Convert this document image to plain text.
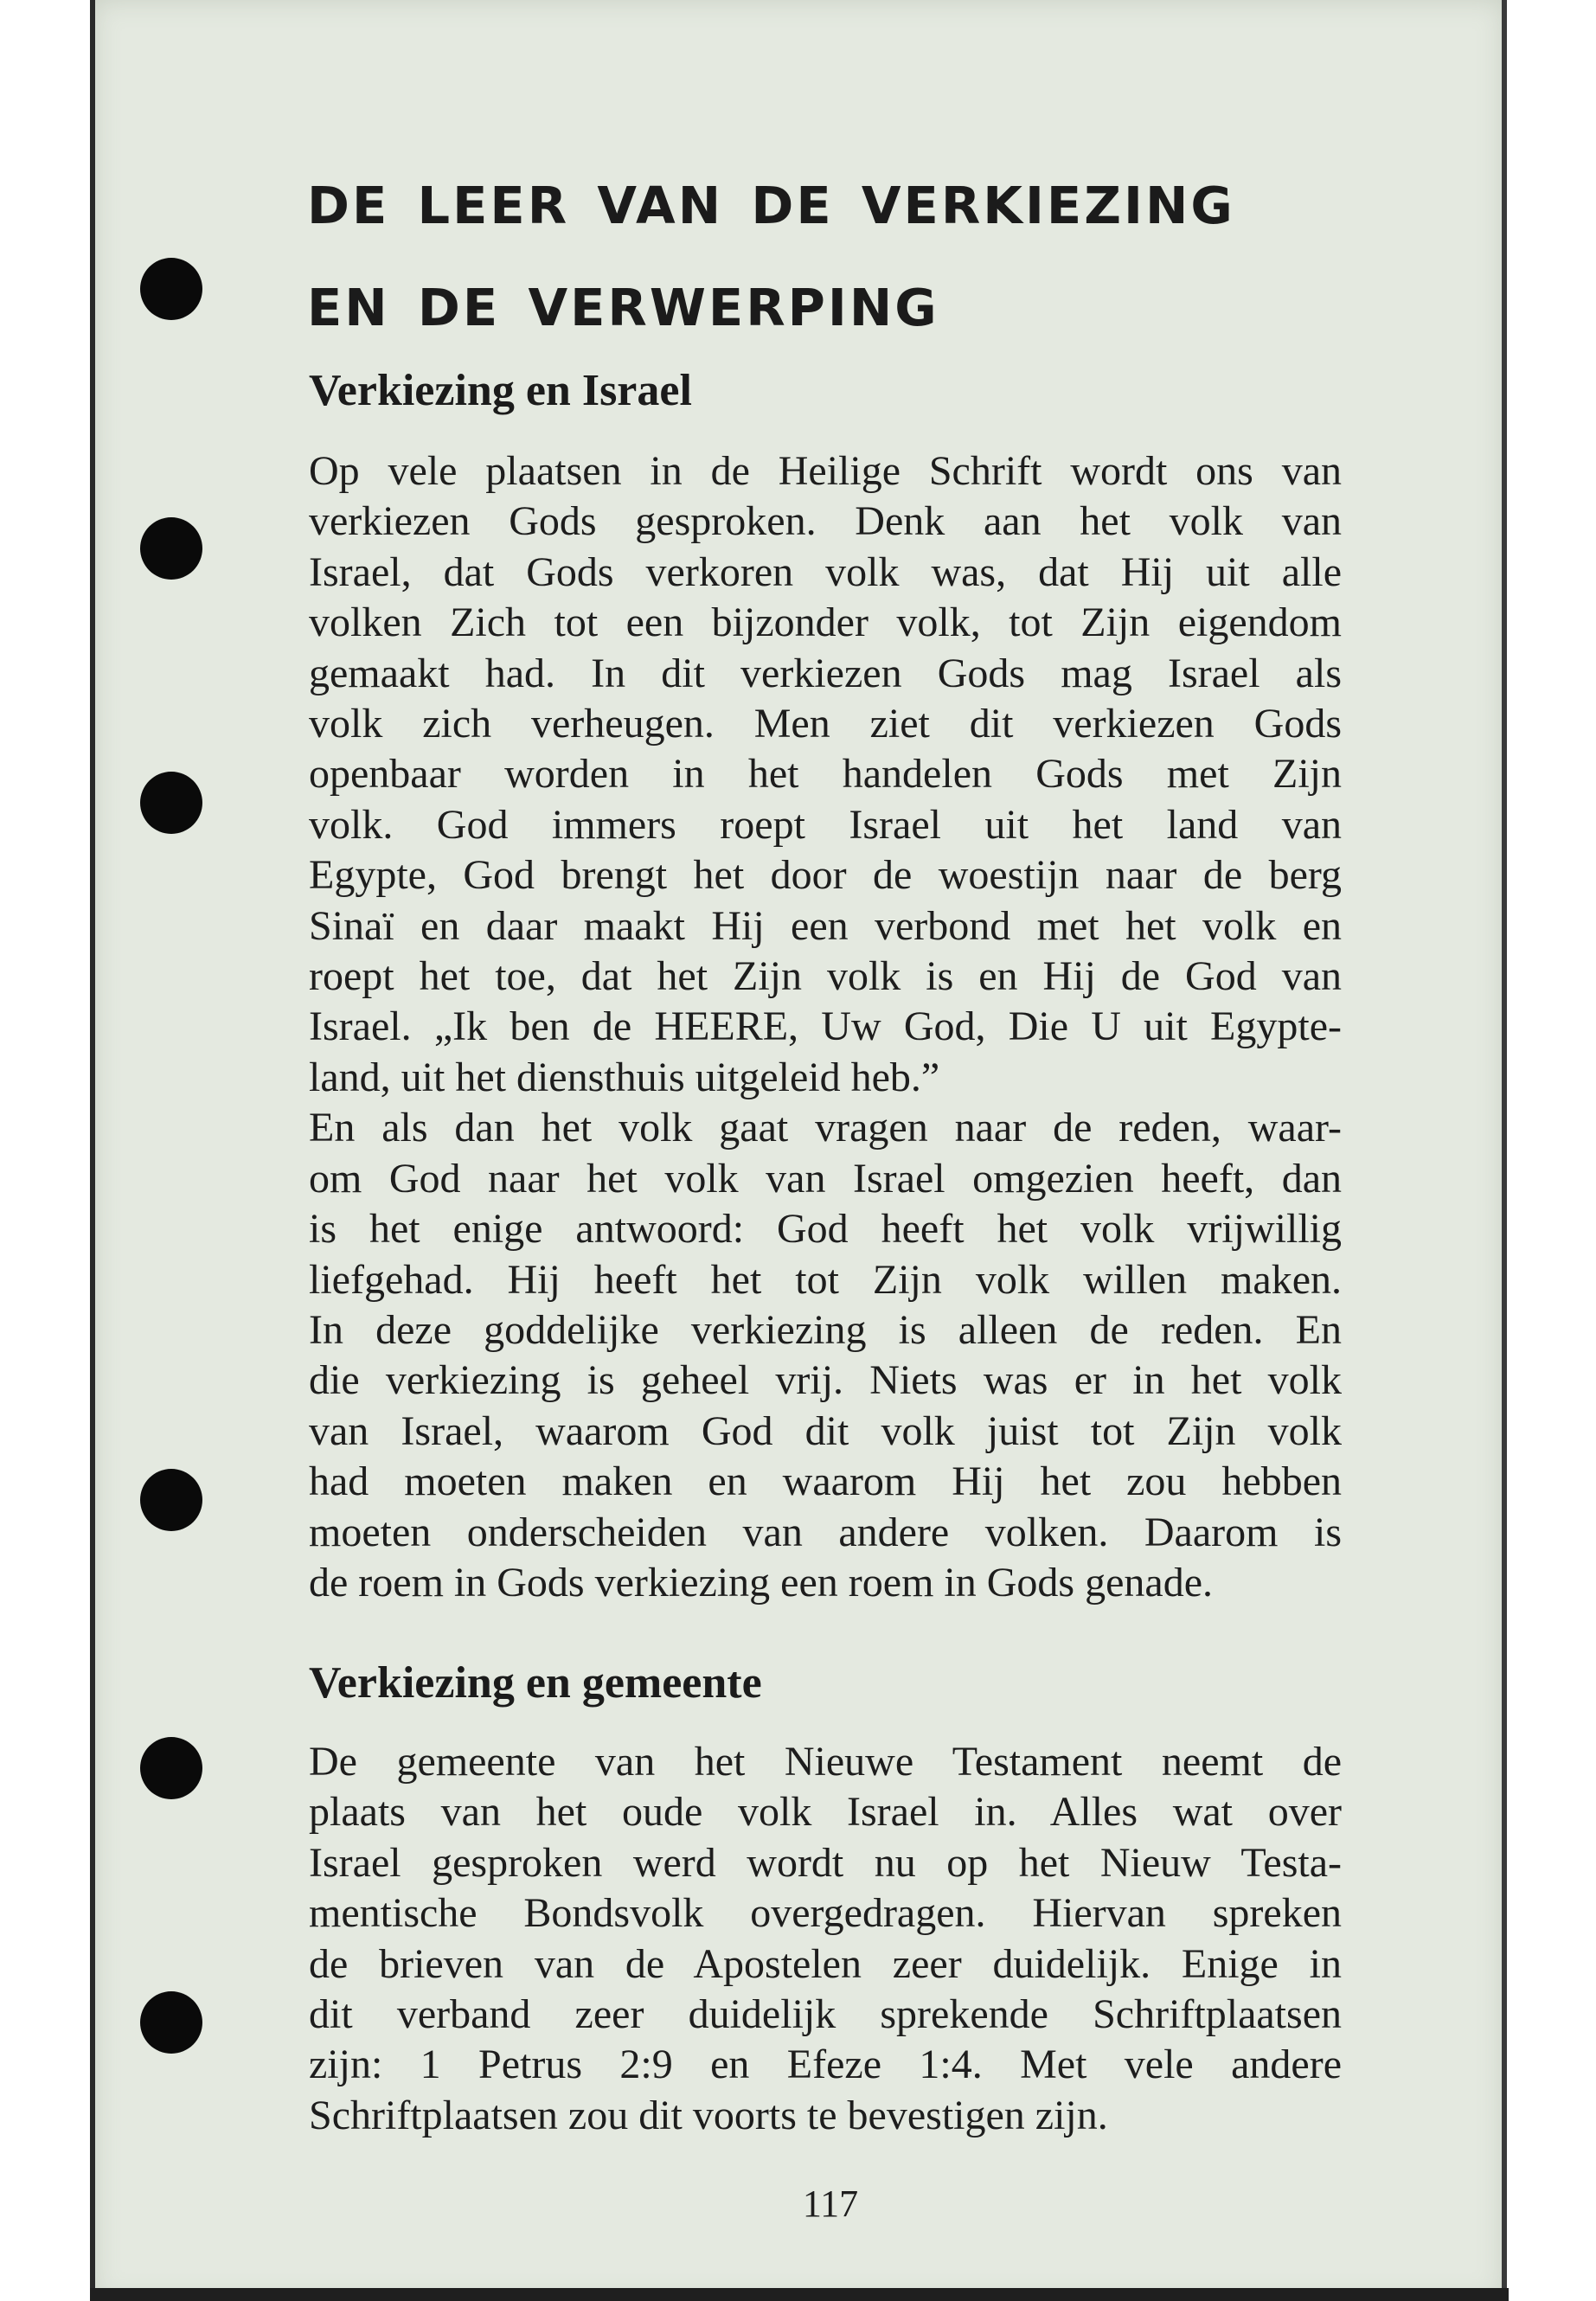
de leer van de verkiezing
en de verwerping
Verkiezing en Israel
Op vele plaatsen in de Heilige Schrift wordt ons van
verkiezen Gods gesproken. Denk aan het volk van
Israel, dat Gods verkoren volk was, dat Hij uit alle
volken Zich tot een bijzonder volk, tot Zijn eigendom
gemaakt had. In dit verkiezen Gods mag Israel als
volk zich verheugen. Men ziet dit verkiezen Gods
openbaar worden in het handelen Gods met Zijn
volk. God immers roept Israel uit het land van
Egypte, God brengt het door de woestijn naar de berg
Sinaï en daar maakt Hij een verbond met het volk en
roept het toe, dat het Zijn volk is en Hij de God van
Israel. „Ik ben de HEERE, Uw God, Die U uit Egypte-
land, uit het diensthuis uitgeleid heb.”
En als dan het volk gaat vragen naar de reden, waar-
om God naar het volk van Israel omgezien heeft, dan
is het enige antwoord: God heeft het volk vrijwillig
liefgehad. Hij heeft het tot Zijn volk willen maken.
In deze goddelijke verkiezing is alleen de reden. En
die verkiezing is geheel vrij. Niets was er in het volk
van Israel, waarom God dit volk juist tot Zijn volk
had moeten maken en waarom Hij het zou hebben
moeten onderscheiden van andere volken. Daarom is
de roem in Gods verkiezing een roem in Gods genade.
Verkiezing en gemeente
De gemeente van het Nieuwe Testament neemt de
plaats van het oude volk Israel in. Alles wat over
Israel gesproken werd wordt nu op het Nieuw Testa-
mentische Bondsvolk overgedragen. Hiervan spreken
de brieven van de Apostelen zeer duidelijk. Enige in
dit verband zeer duidelijk sprekende Schriftplaatsen
zijn: 1 Petrus 2:9 en Efeze 1:4. Met vele andere
Schriftplaatsen zou dit voorts te bevestigen zijn.
117
